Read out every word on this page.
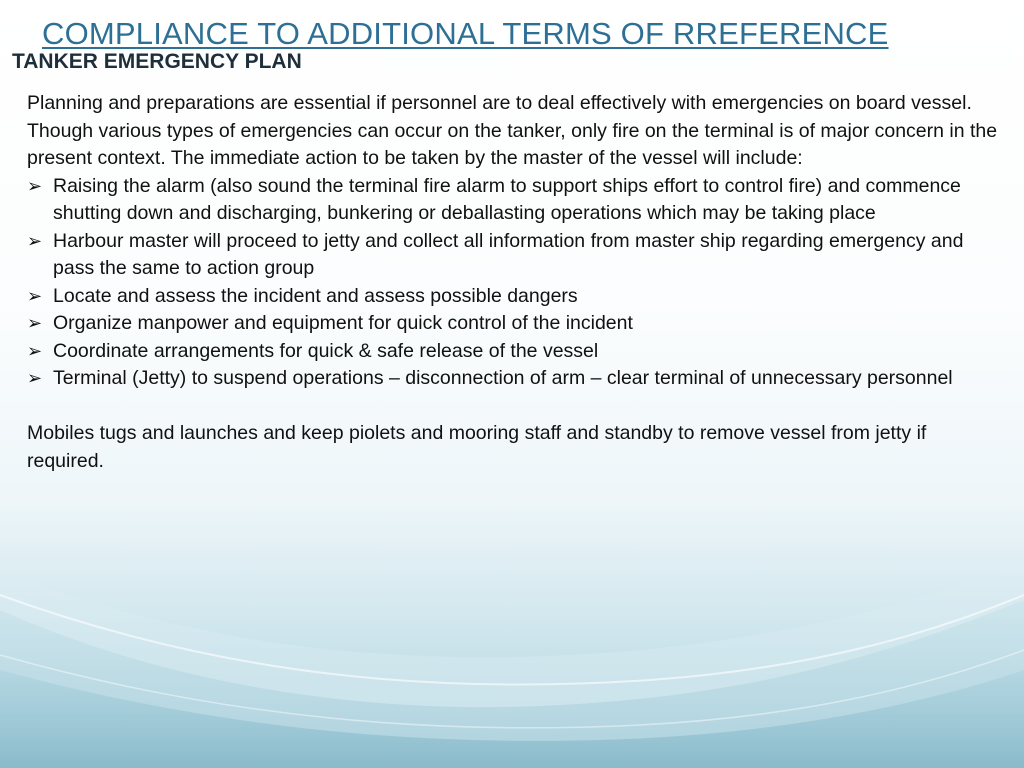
COMPLIANCE TO ADDITIONAL TERMS OF RREFERENCE
TANKER EMERGENCY PLAN

Planning and preparations are essential if personnel are to deal effectively with emergencies on board vessel. Though various types of emergencies can occur on the tanker, only fire on the terminal is of major concern in the present context. The immediate action to be taken by the master of the vessel will include:

➢ Raising the alarm (also sound the terminal fire alarm to support ships effort to control fire) and commence shutting down and discharging, bunkering or deballasting operations which may be taking place
➢ Harbour master will proceed to jetty and collect all information from master ship regarding emergency and pass the same to action group
➢ Locate and assess the incident and assess possible dangers
➢ Organize manpower and equipment for quick control of the incident
➢ Coordinate arrangements for quick & safe release of the vessel
➢ Terminal (Jetty) to suspend operations – disconnection of arm – clear terminal of unnecessary personnel

Mobiles tugs and launches and keep piolets and mooring staff and standby to remove vessel from jetty if required.
